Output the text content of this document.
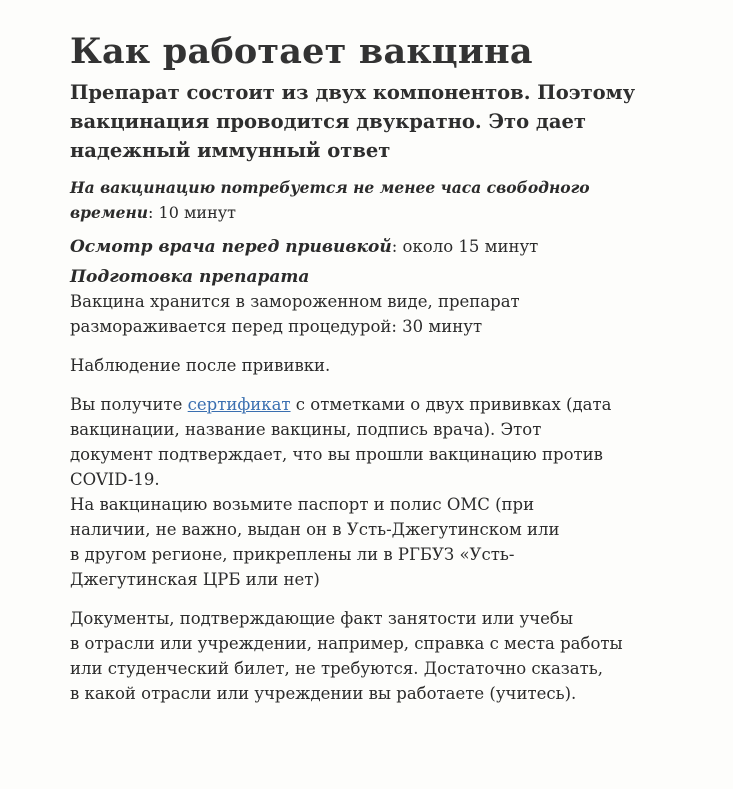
Как работает вакцина

Препарат состоит из двух компонентов. Поэтому вакцинация проводится двукратно. Это дает надежный иммунный ответ

На вакцинацию потребуется не менее часа свободного
времени: 10 минут

Осмотр врача перед прививкой: около 15 минут

Подготовка препарата

Вакцина хранится в замороженном виде, препарат
размораживается перед процедурой: 30 минут

Наблюдение после прививки.

Вы получите сертификат с отметками о двух прививках (дата
вакцинации, название вакцины, подпись врача). Этот
документ подтверждает, что вы прошли вакцинацию против
COVID-19.

На вакцинацию возьмите паспорт и полис ОМС (при
наличии, не важно, выдан он в Усть-Джегутинском или
в другом регионе, прикреплены ли в РГБУЗ «Усть-
Джегутинская ЦРБ или нет)

Документы, подтверждающие факт занятости или учебы
в отрасли или учреждении, например, справка с места работы
или студенческий билет, не требуются. Достаточно сказать,
в какой отрасли или учреждении вы работаете (учитесь).
